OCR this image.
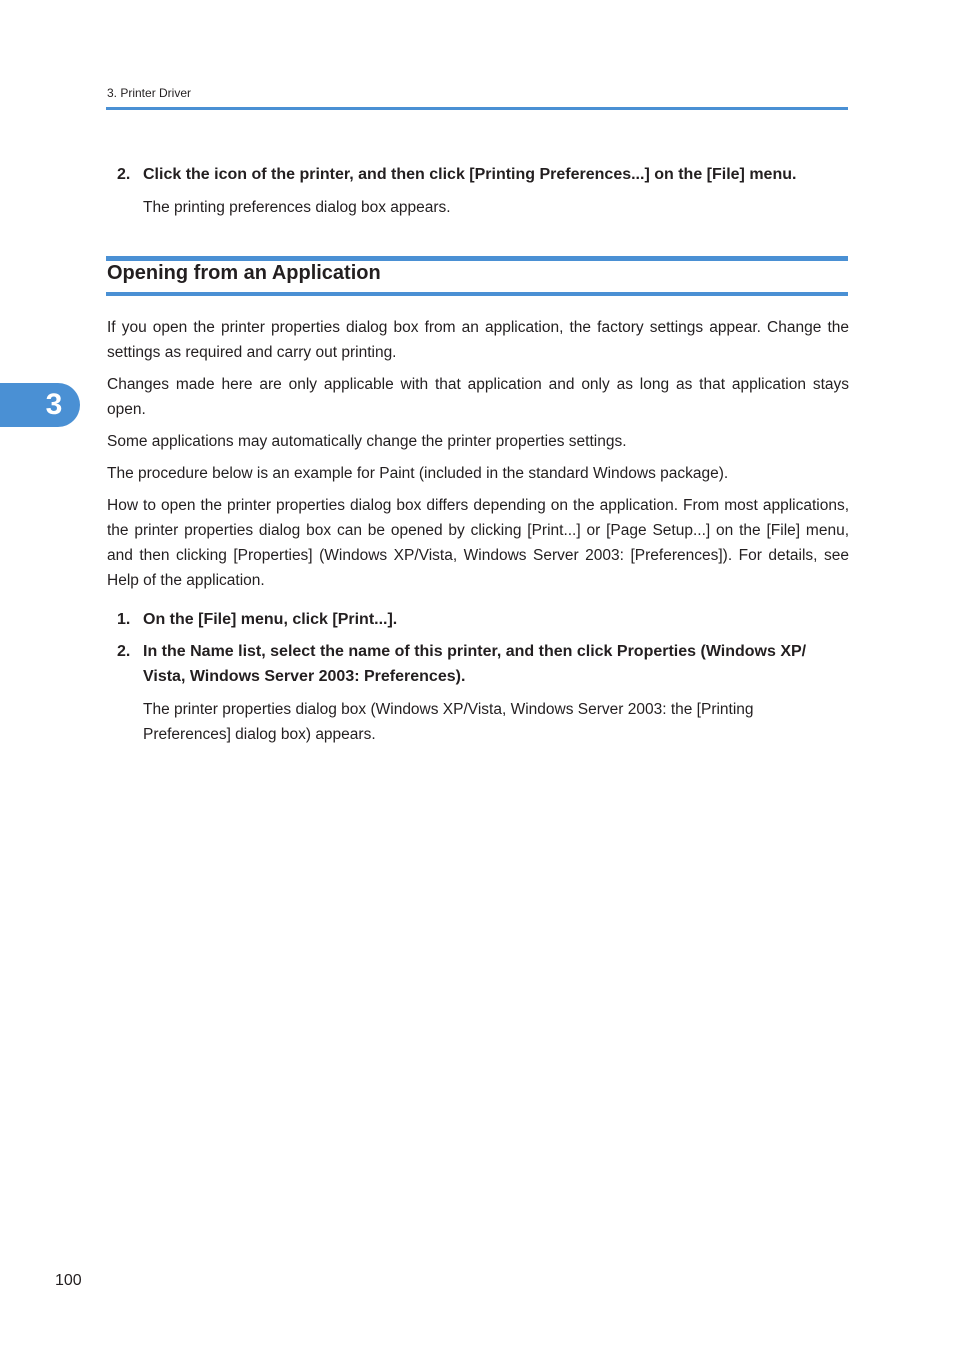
3. Printer Driver
2. Click the icon of the printer, and then click [Printing Preferences...] on the [File] menu.
The printing preferences dialog box appears.
Opening from an Application
If you open the printer properties dialog box from an application, the factory settings appear. Change the settings as required and carry out printing.
Changes made here are only applicable with that application and only as long as that application stays open.
Some applications may automatically change the printer properties settings.
The procedure below is an example for Paint (included in the standard Windows package).
How to open the printer properties dialog box differs depending on the application. From most applications, the printer properties dialog box can be opened by clicking [Print...] or [Page Setup...] on the [File] menu, and then clicking [Properties] (Windows XP/Vista, Windows Server 2003: [Preferences]). For details, see Help of the application.
1. On the [File] menu, click [Print...].
2. In the Name list, select the name of this printer, and then click Properties (Windows XP/ Vista, Windows Server 2003: Preferences).
The printer properties dialog box (Windows XP/Vista, Windows Server 2003: the [Printing Preferences] dialog box) appears.
3
100
